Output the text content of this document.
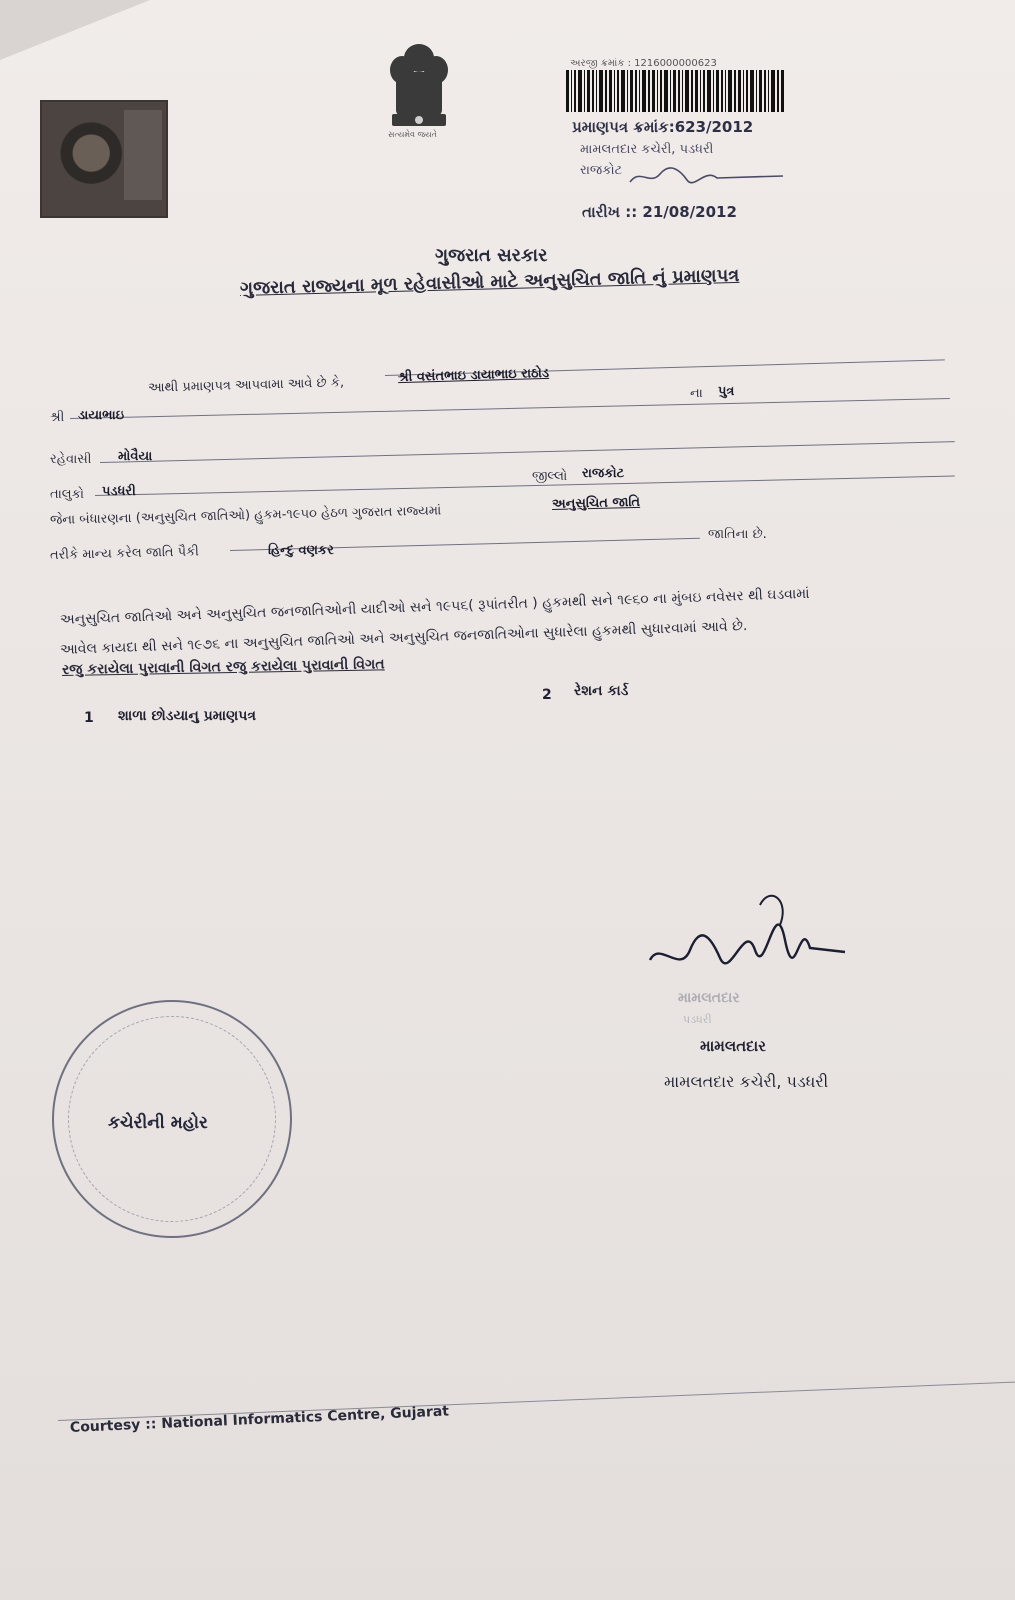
સત્યમેવ જયતે
અરજી ક્રમાંક : 1216000000623
પ્રમાણપત્ર ક્રમાંક:623/2012
મામલતદાર કચેરી, પડધરી
રાજકોટ
તારીખ :: 21/08/2012
ગુજરાત સરકાર
ગુજરાત રાજ્યના મૂળ રહેવાસીઓ માટે અનુસુચિત જાતિ નું પ્રમાણપત્ર
આથી પ્રમાણપત્ર આપવામા આવે છે કે,	શ્રી વસંતભાઇ ડાયાભાઇ રાઠોડ
ના પુત્ર
શ્રી ડાયાભાઇ
રહેવાસી મોવૈયા
તાલુકો પડધરી
જીલ્લો રાજકોટ
જેના બંધારણના (અનુસુચિત જાતિઓ) હુકમ-૧૯૫૦ હેઠળ ગુજરાત રાજ્યમાં
અનુસુચિત જાતિ
તરીકે માન્ય કરેલ જાતિ પૈકી	હિન્દુ વણકર
જાતિના છે.
અનુસુચિત જાતિઓ અને અનુસુચિત જનજાતિઓની યાદીઓ સને ૧૯૫૬( રૂપાંતરીત ) હુકમથી સને ૧૯૬૦ ના મુંબઇ નવેસર થી ઘડવામાં
આવેલ કાયદા થી સને ૧૯૭૬ ના અનુસુચિત જાતિઓ અને અનુસુચિત જનજાતિઓના સુધારેલા હુકમથી સુધારવામાં આવે છે.
રજુ કરાયેલા પુરાવાની વિગત રજુ કરાયેલા પુરાવાની વિગત
1 શાળા છોડયાનુ પ્રમાણપત્ર
2 રેશન કાર્ડ
મામલતદાર
પડધરી
મામલતદાર
મામલતદાર કચેરી, પડધરી
કચેરીની મહોર
Courtesy :: National Informatics Centre, Gujarat
